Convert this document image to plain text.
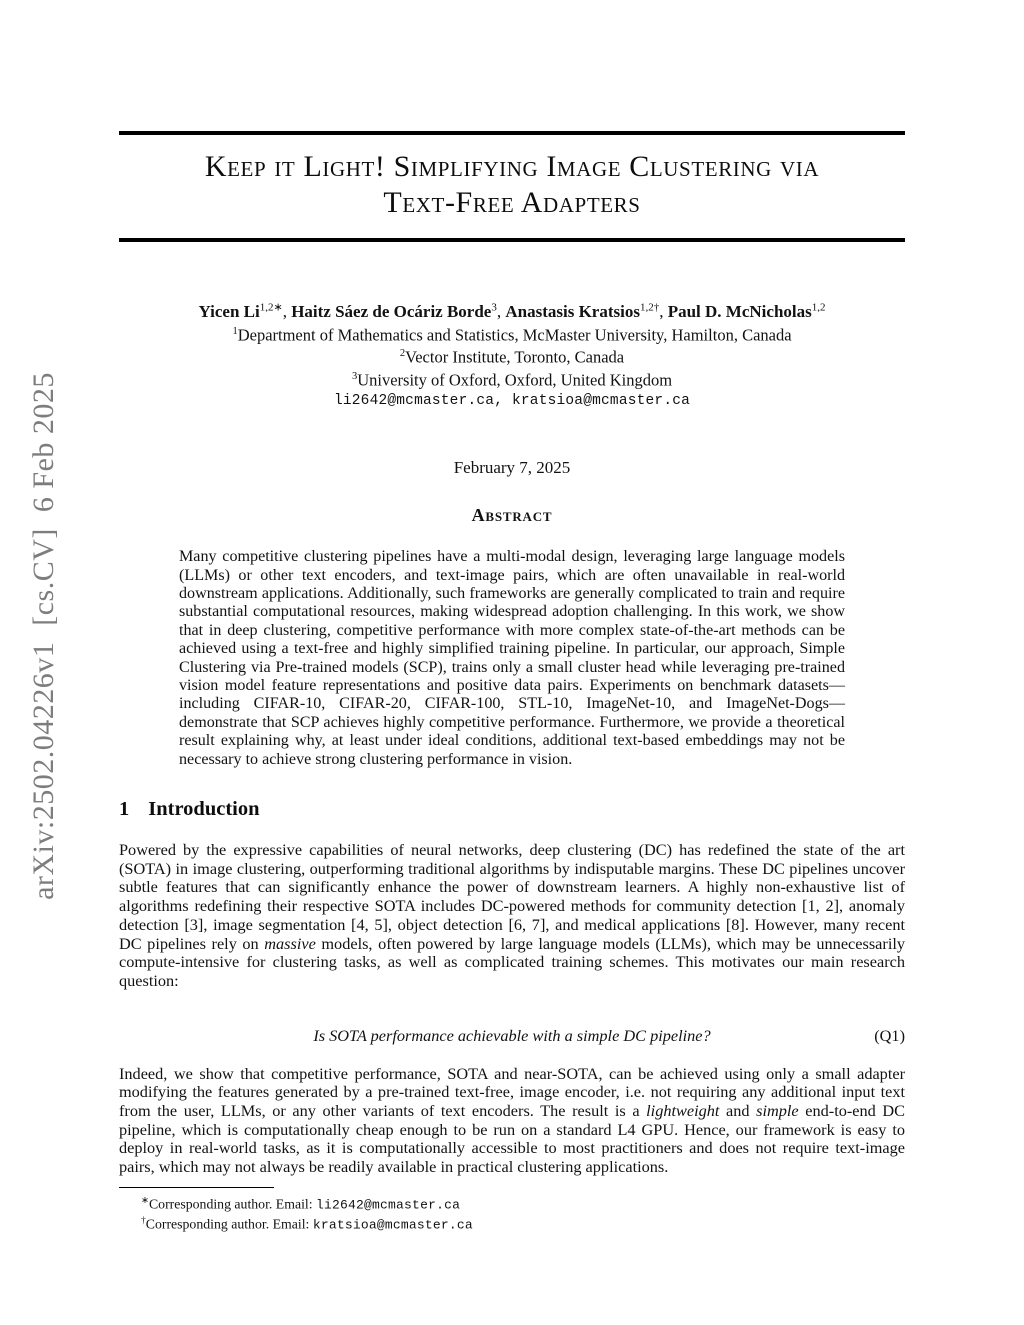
arXiv:2502.04226v1  [cs.CV]  6 Feb 2025
Keep it Light! Simplifying Image Clustering via
Text-Free Adapters
Yicen $Li^{1,2∗}$, Haitz Sáez de Ocáriz Borde$^3$, Anastasis Kratsios$^{1,2\dagger}$, Paul D. McNicholas$^{1,2}$
$^1$Department of Mathematics and Statistics, McMaster University, Hamilton, Canada
$^2$Vector Institute, Toronto, Canada
$^3$University of Oxford, Oxford, United Kingdom
li2642@mcmaster.ca, kratsioa@mcmaster.ca
February 7, 2025
Abstract
Many competitive clustering pipelines have a multi-modal design, leveraging large language models (LLMs) or other text encoders, and text-image pairs, which are often unavailable in real-world downstream applications. Additionally, such frameworks are generally complicated to train and require substantial computational resources, making widespread adoption challenging. In this work, we show that in deep clustering, competitive performance with more complex state-of-the-art methods can be achieved using a text-free and highly simplified training pipeline. In particular, our approach, Simple Clustering via Pre-trained models (SCP), trains only a small cluster head while leveraging pre-trained vision model feature representations and positive data pairs. Experiments on benchmark datasets—including CIFAR-10, CIFAR-20, CIFAR-100, STL-10, ImageNet-10, and ImageNet-Dogs—demonstrate that SCP achieves highly competitive performance. Furthermore, we provide a theoretical result explaining why, at least under ideal conditions, additional text-based embeddings may not be necessary to achieve strong clustering performance in vision.
1 Introduction
Powered by the expressive capabilities of neural networks, deep clustering (DC) has redefined the state of the art (SOTA) in image clustering, outperforming traditional algorithms by indisputable margins. These DC pipelines uncover subtle features that can significantly enhance the power of downstream learners. A highly non-exhaustive list of algorithms redefining their respective SOTA includes DC-powered methods for community detection [1, 2], anomaly detection [3], image segmentation [4, 5], object detection [6, 7], and medical applications [8]. However, many recent DC pipelines rely on massive models, often powered by large language models (LLMs), which may be unnecessarily compute-intensive for clustering tasks, as well as complicated training schemes. This motivates our main research question:
Is SOTA performance achievable with a simple DC pipeline?	(Q1)
Indeed, we show that competitive performance, SOTA and near-SOTA, can be achieved using only a small adapter modifying the features generated by a pre-trained text-free, image encoder, i.e. not requiring any additional input text from the user, LLMs, or any other variants of text encoders. The result is a lightweight and simple end-to-end DC pipeline, which is computationally cheap enough to be run on a standard L4 GPU. Hence, our framework is easy to deploy in real-world tasks, as it is computationally accessible to most practitioners and does not require text-image pairs, which may not always be readily available in practical clustering applications.
∗Corresponding author. Email: li2642@mcmaster.ca
†Corresponding author. Email: kratsioa@mcmaster.ca
